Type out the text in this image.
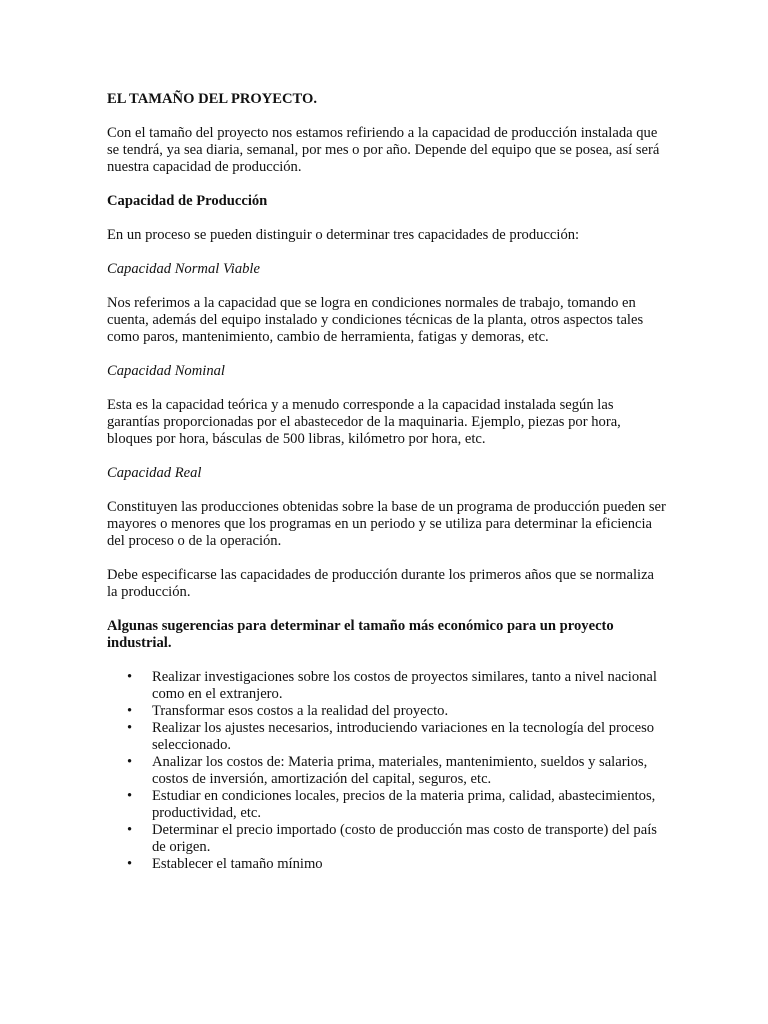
EL TAMAÑO DEL PROYECTO.

Con el tamaño del proyecto nos estamos refiriendo a la capacidad de producción instalada que se tendrá, ya sea diaria, semanal, por mes o por año. Depende del equipo que se posea, así será nuestra capacidad de producción.

Capacidad de Producción

En un proceso se pueden distinguir o determinar tres capacidades de producción:

Capacidad Normal Viable

Nos referimos a la capacidad que se logra en condiciones normales de trabajo, tomando en cuenta, además del equipo instalado y condiciones técnicas de la planta, otros aspectos tales como paros, mantenimiento, cambio de herramienta, fatigas y demoras, etc.

Capacidad Nominal

Esta es la capacidad teórica y a menudo corresponde a la capacidad instalada según las garantías proporcionadas por el abastecedor de la maquinaria. Ejemplo, piezas por hora, bloques por hora, básculas de 500 libras, kilómetro por hora, etc.

Capacidad Real

Constituyen las producciones obtenidas sobre la base de un programa de producción pueden ser mayores o menores que los programas en un periodo y se utiliza para determinar la eficiencia del proceso o de la operación.

Debe especificarse las capacidades de producción durante los primeros años que se normaliza la producción.

Algunas sugerencias para determinar el tamaño más económico para un proyecto industrial.

• Realizar investigaciones sobre los costos de proyectos similares, tanto a nivel nacional como en el extranjero.
• Transformar esos costos a la realidad del proyecto.
• Realizar los ajustes necesarios, introduciendo variaciones en la tecnología del proceso seleccionado.
• Analizar los costos de: Materia prima, materiales, mantenimiento, sueldos y salarios, costos de inversión, amortización del capital, seguros, etc.
• Estudiar en condiciones locales, precios de la materia prima, calidad, abastecimientos, productividad, etc.
• Determinar el precio importado (costo de producción mas costo de transporte) del país de origen.
• Establecer el tamaño mínimo
